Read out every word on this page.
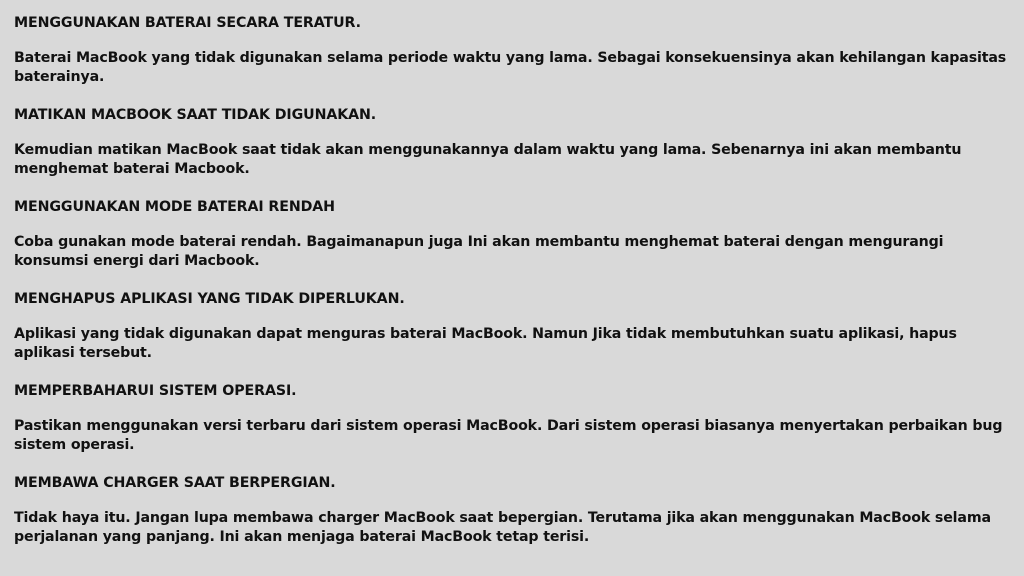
MENGGUNAKAN BATERAI SECARA TERATUR.

Baterai MacBook yang tidak digunakan selama periode waktu yang lama. Sebagai konsekuensinya akan kehilangan kapasitas baterainya.

MATIKAN MACBOOK SAAT TIDAK DIGUNAKAN.

Kemudian matikan MacBook saat tidak akan menggunakannya dalam waktu yang lama. Sebenarnya ini akan membantu menghemat baterai Macbook.

MENGGUNAKAN MODE BATERAI RENDAH

Coba gunakan mode baterai rendah. Bagaimanapun juga Ini akan membantu menghemat baterai dengan mengurangi konsumsi energi dari Macbook.

MENGHAPUS APLIKASI YANG TIDAK DIPERLUKAN.

Aplikasi yang tidak digunakan dapat menguras baterai MacBook. Namun Jika tidak membutuhkan suatu aplikasi, hapus aplikasi tersebut.

MEMPERBAHARUI SISTEM OPERASI.

Pastikan menggunakan versi terbaru dari sistem operasi MacBook. Dari sistem operasi biasanya menyertakan perbaikan bug sistem operasi.

MEMBAWA CHARGER SAAT BERPERGIAN.

Tidak haya itu. Jangan lupa membawa charger MacBook saat bepergian. Terutama jika akan menggunakan MacBook selama perjalanan yang panjang. Ini akan menjaga baterai MacBook tetap terisi.
